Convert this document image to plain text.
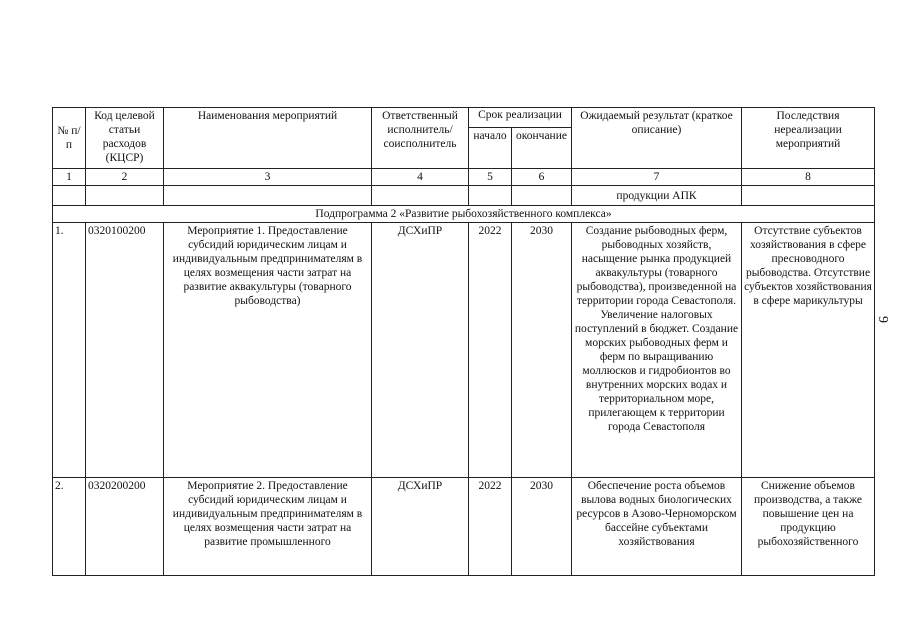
№ п/п	Код целевой статьи расходов (КЦСР)	Наименования мероприятий	Ответственный исполнитель/ соисполнитель	Срок реализации		Ожидаемый результат (краткое описание)	Последствия нереализации мероприятий
				начало	окончание		
1	2	3	4	5	6	7	8
						продукции АПК	
Подпрограмма 2 «Развитие рыбохозяйственного комплекса»							
1.	0320100200	Мероприятие 1. Предоставление субсидий юридическим лицам и индивидуальным предпринимателям в целях возмещения части затрат на развитие аквакультуры (товарного рыбоводства)	ДСХиПР	2022	2030	Создание рыбоводных ферм, рыбоводных хозяйств, насыщение рынка продукцией аквакультуры (товарного рыбоводства), произведенной на территории города Севастополя. Увеличение налоговых поступлений в бюджет. Создание морских рыбоводных ферм и ферм по выращиванию моллюсков и гидробионтов во внутренних морских водах и территориальном море, прилегающем к территории города Севастополя	Отсутствие субъектов хозяйствования в сфере пресноводного рыбоводства. Отсутствие субъектов хозяйствования в сфере марикультуры
2.	0320200200	Мероприятие 2. Предоставление субсидий юридическим лицам и индивидуальным предпринимателям в целях возмещения части затрат на развитие промышленного	ДСХиПР	2022	2030	Обеспечение роста объемов вылова водных биологических ресурсов в Азово-Черноморском бассейне субъектами хозяйствования	Снижение объемов производства, а также повышение цен на продукцию рыбохозяйственного
9
